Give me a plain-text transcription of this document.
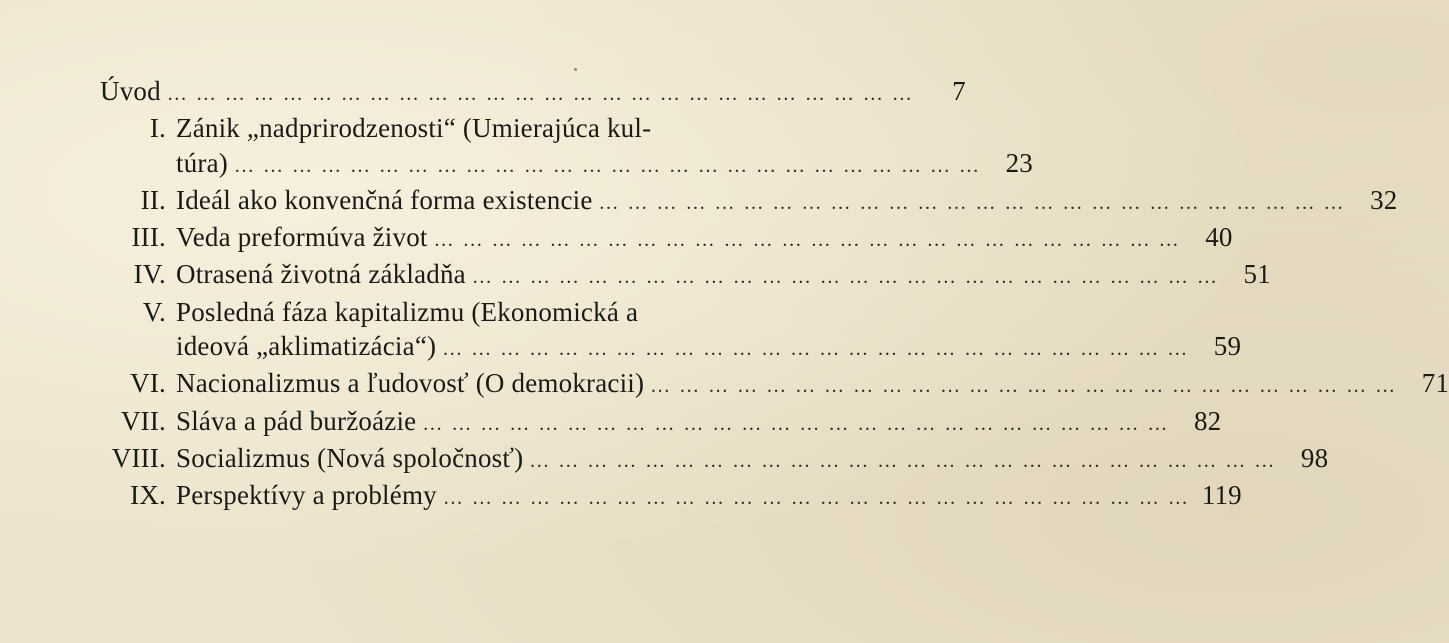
Úvod … … … … … … … … … … … … … … … … … … … … … … … … … …	7
I. Zánik „nadprirodzenosti“ (Umierajúca kul-
túra) … … … … … … … … … … … … … … … … … … … … … … … … … … 23
II. Ideál ako konvenčná forma existencie … … … … … … … … … … … … … … … … … … … … … … … … … … 32
III. Veda preformúva život … … … … … … … … … … … … … … … … … … … … … … … … … … 40
IV. Otrasená životná základňa … … … … … … … … … … … … … … … … … … … … … … … … … … 51
V. Posledná fáza kapitalizmu (Ekonomická a
ideová „aklimatizácia“) … … … … … … … … … … … … … … … … … … … … … … … … … … 59
VI. Nacionalizmus a ľudovosť (O demokracii) … … … … … … … … … … … … … … … … … … … … … … … … … … 71
VII. Sláva a pád buržoázie … … … … … … … … … … … … … … … … … … … … … … … … … … 82
VIII. Socializmus (Nová spoločnosť) … … … … … … … … … … … … … … … … … … … … … … … … … … 98
IX. Perspektívy a problémy … … … … … … … … … … … … … … … … … … … … … … … … … … 119
